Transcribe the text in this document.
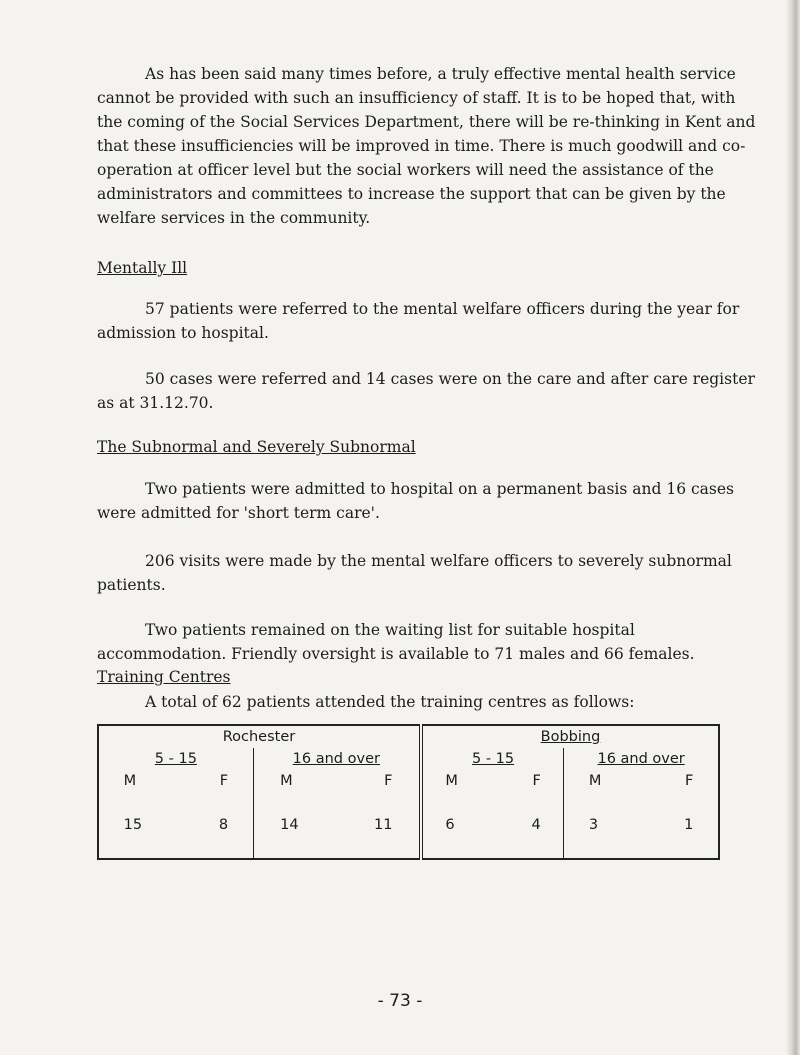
As has been said many times before, a truly effective mental health service cannot be provided with such an insufficiency of staff. It is to be hoped that, with the coming of the Social Services Department, there will be re-thinking in Kent and that these insufficiencies will be improved in time. There is much goodwill and co-operation at officer level but the social workers will need the assistance of the administrators and committees to increase the support that can be given by the welfare services in the community.

Mentally Ill

57 patients were referred to the mental welfare officers during the year for admission to hospital.

50 cases were referred and 14 cases were on the care and after care register as at 31.12.70.

The Subnormal and Severely Subnormal

Two patients were admitted to hospital on a permanent basis and 16 cases were admitted for 'short term care'.

206 visits were made by the mental welfare officers to severely subnormal patients.

Two patients remained on the waiting list for suitable hospital accommodation. Friendly oversight is available to 71 males and 66 females.

Training Centres

A total of 62 patients attended the training centres as follows:

Rochester		Bobbing	
5 - 15	16 and over	5 - 15	16 and over

M F	M F	M F	M F

15 8	14 11	6 4	3 1

- 73 -
